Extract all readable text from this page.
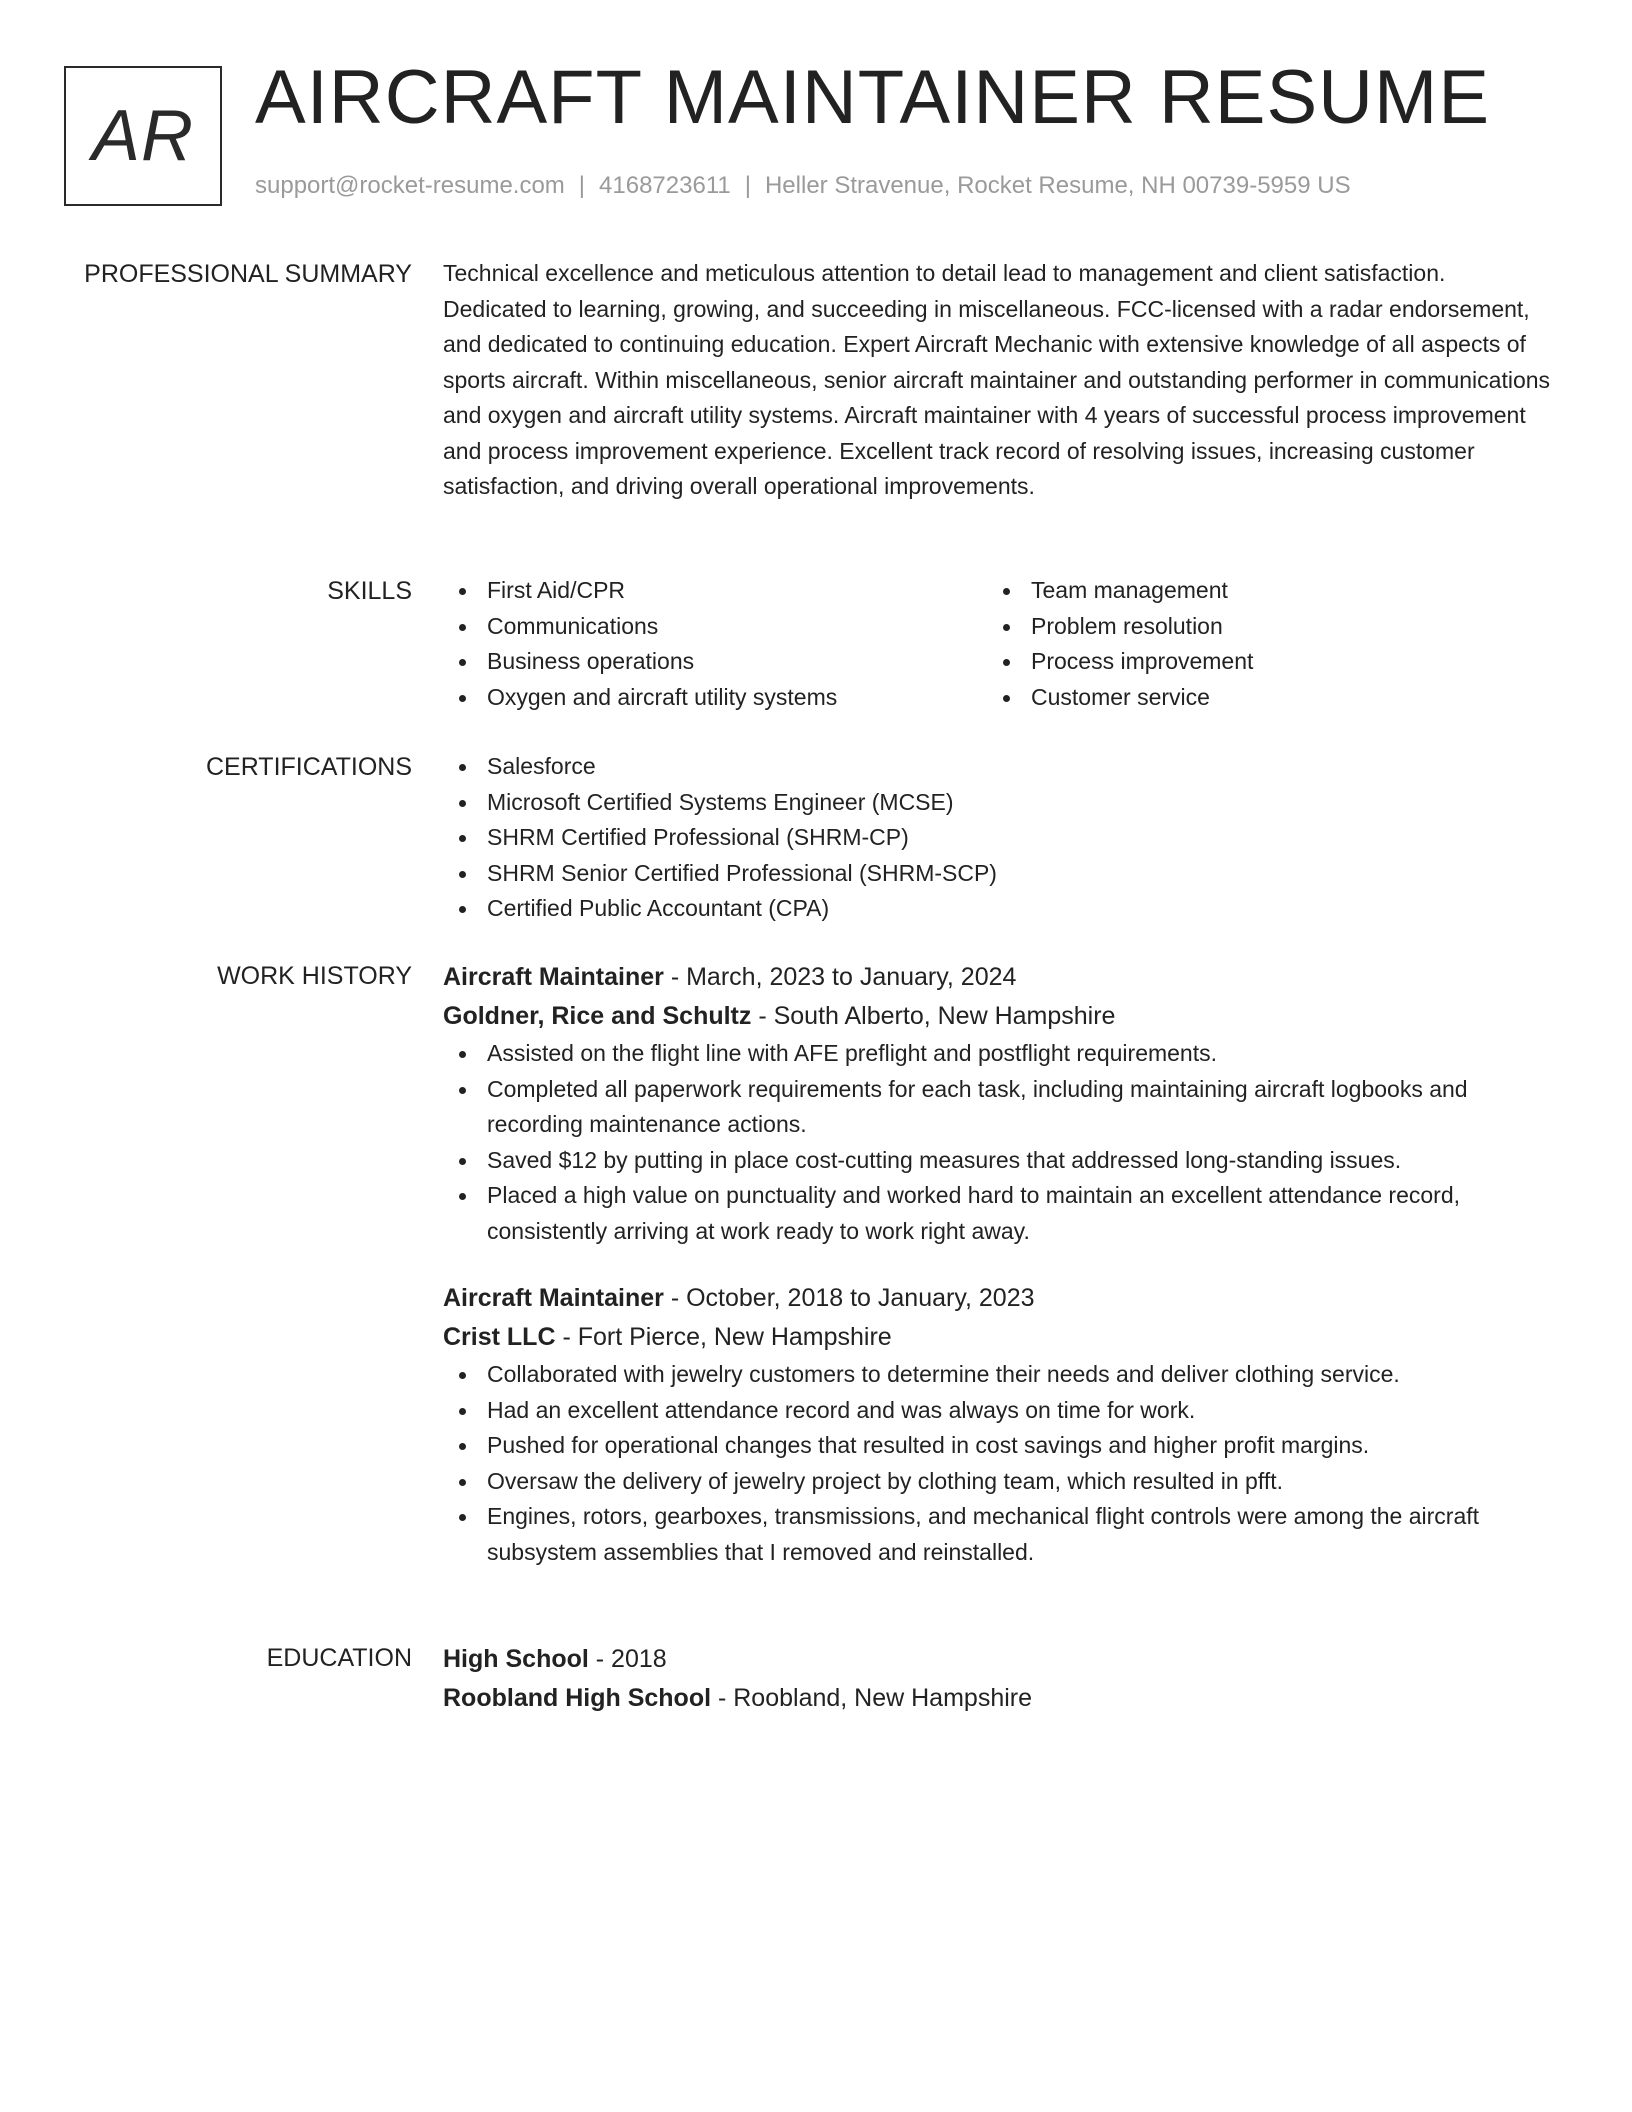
AR AIRCRAFT MAINTAINER RESUME
support@rocket-resume.com | 4168723611 | Heller Stravenue, Rocket Resume, NH 00739-5959 US
PROFESSIONAL SUMMARY Technical excellence and meticulous attention to detail lead to management and client satisfaction. Dedicated to learning, growing, and succeeding in miscellaneous. FCC-licensed with a radar endorsement, and dedicated to continuing education. Expert Aircraft Mechanic with extensive knowledge of all aspects of sports aircraft. Within miscellaneous, senior aircraft maintainer and outstanding performer in communications and oxygen and aircraft utility systems. Aircraft maintainer with 4 years of successful process improvement and process improvement experience. Excellent track record of resolving issues, increasing customer satisfaction, and driving overall operational improvements.

SKILLS	First Aid/CPR
Communications
Business operations
Oxygen and aircraft utility systems
Team management
Problem resolution
Process improvement
Customer service
CERTIFICATIONS	Salesforce
Microsoft Certified Systems Engineer (MCSE)
SHRM Certified Professional (SHRM-CP)
SHRM Senior Certified Professional (SHRM-SCP)
Certified Public Accountant (CPA)
WORK HISTORY Aircraft Maintainer - March, 2023 to January, 2024
Goldner, Rice and Schultz - South Alberto, New Hampshire
Assisted on the flight line with AFE preflight and postflight requirements.
Completed all paperwork requirements for each task, including maintaining aircraft logbooks and recording maintenance actions.
Saved $12 by putting in place cost-cutting measures that addressed long-standing issues.
Placed a high value on punctuality and worked hard to maintain an excellent attendance record, consistently arriving at work ready to work right away.
Aircraft Maintainer - October, 2018 to January, 2023
Crist LLC - Fort Pierce, New Hampshire
Collaborated with jewelry customers to determine their needs and deliver clothing service.
Had an excellent attendance record and was always on time for work.
Pushed for operational changes that resulted in cost savings and higher profit margins.
Oversaw the delivery of jewelry project by clothing team, which resulted in pfft.
Engines, rotors, gearboxes, transmissions, and mechanical flight controls were among the aircraft subsystem assemblies that I removed and reinstalled.
EDUCATION High School - 2018
Roobland High School - Roobland, New Hampshire
